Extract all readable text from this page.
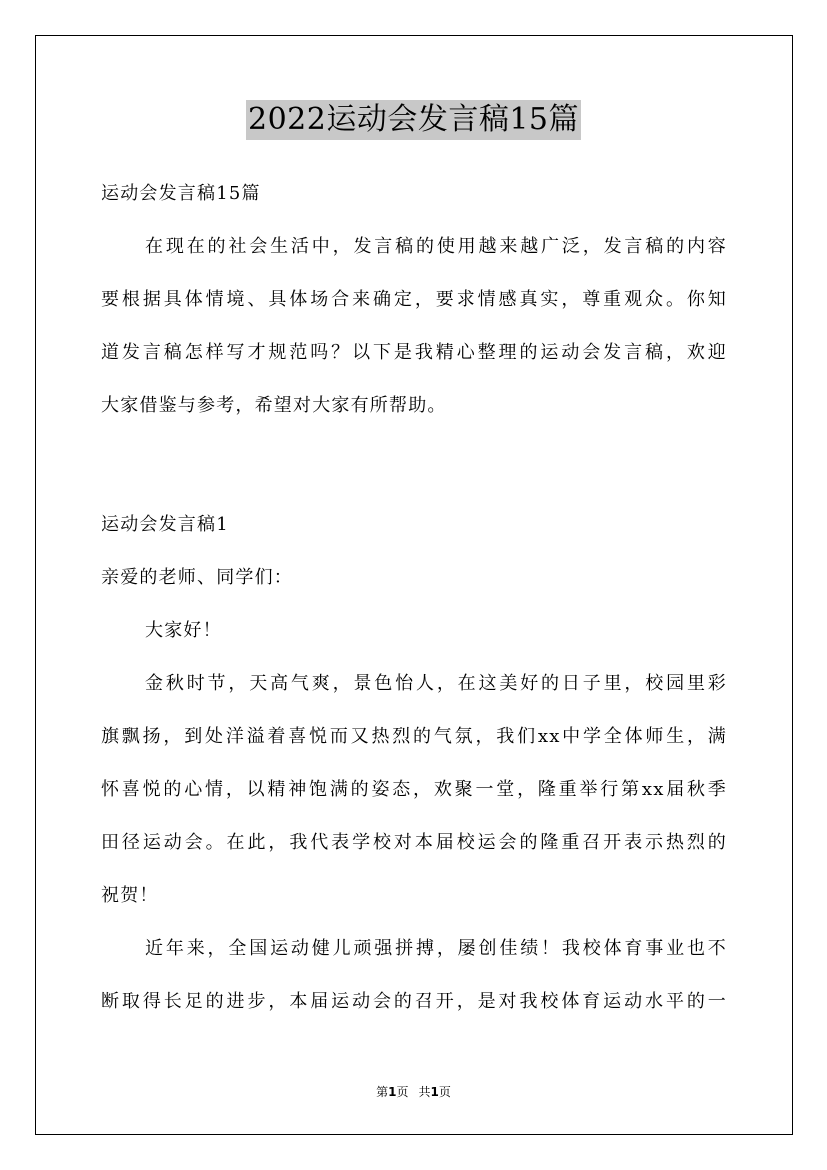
2022运动会发言稿15篇
运动会发言稿15篇
在现在的社会生活中，发言稿的使用越来越广泛，发言稿的内容
要根据具体情境、具体场合来确定，要求情感真实，尊重观众。你知
道发言稿怎样写才规范吗？以下是我精心整理的运动会发言稿，欢迎
大家借鉴与参考，希望对大家有所帮助。
运动会发言稿1
亲爱的老师、同学们：
大家好！
金秋时节，天高气爽，景色怡人，在这美好的日子里，校园里彩
旗飘扬，到处洋溢着喜悦而又热烈的气氛，我们xx中学全体师生，满
怀喜悦的心情，以精神饱满的姿态，欢聚一堂，隆重举行第xx届秋季
田径运动会。在此，我代表学校对本届校运会的隆重召开表示热烈的
祝贺！
近年来，全国运动健儿顽强拼搏，屡创佳绩！我校体育事业也不
断取得长足的进步，本届运动会的召开，是对我校体育运动水平的一
第1页 共1页
